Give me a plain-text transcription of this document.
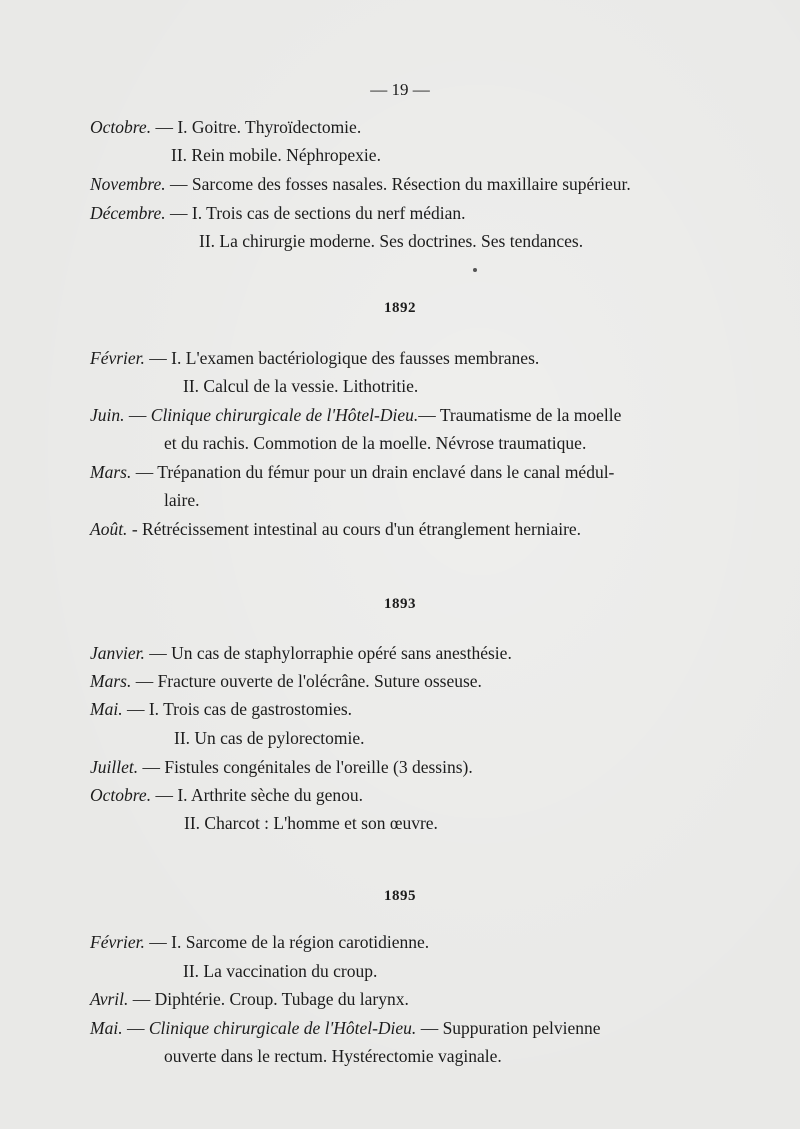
— 19 —
Octobre. — I. Goitre. Thyroïdectomie.
II. Rein mobile. Néphropexie.
Novembre. — Sarcome des fosses nasales. Résection du maxillaire supérieur.
Décembre. — I. Trois cas de sections du nerf médian.
II. La chirurgie moderne. Ses doctrines. Ses tendances.
1892
Février. — I. L'examen bactériologique des fausses membranes.
II. Calcul de la vessie. Lithotritie.
Juin. — Clinique chirurgicale de l'Hôtel-Dieu.— Traumatisme de la moelle
et du rachis. Commotion de la moelle. Névrose traumatique.
Mars. — Trépanation du fémur pour un drain enclavé dans le canal médul-
laire.
Août. - Rétrécissement intestinal au cours d'un étranglement herniaire.
1893
Janvier. — Un cas de staphylorraphie opéré sans anesthésie.
Mars. — Fracture ouverte de l'olécrâne. Suture osseuse.
Mai. — I. Trois cas de gastrostomies.
II. Un cas de pylorectomie.
Juillet. — Fistules congénitales de l'oreille (3 dessins).
Octobre. — I. Arthrite sèche du genou.
II. Charcot : L'homme et son œuvre.
1895
Février. — I. Sarcome de la région carotidienne.
II. La vaccination du croup.
Avril. — Diphtérie. Croup. Tubage du larynx.
Mai. — Clinique chirurgicale de l'Hôtel-Dieu. — Suppuration pelvienne
ouverte dans le rectum. Hystérectomie vaginale.
